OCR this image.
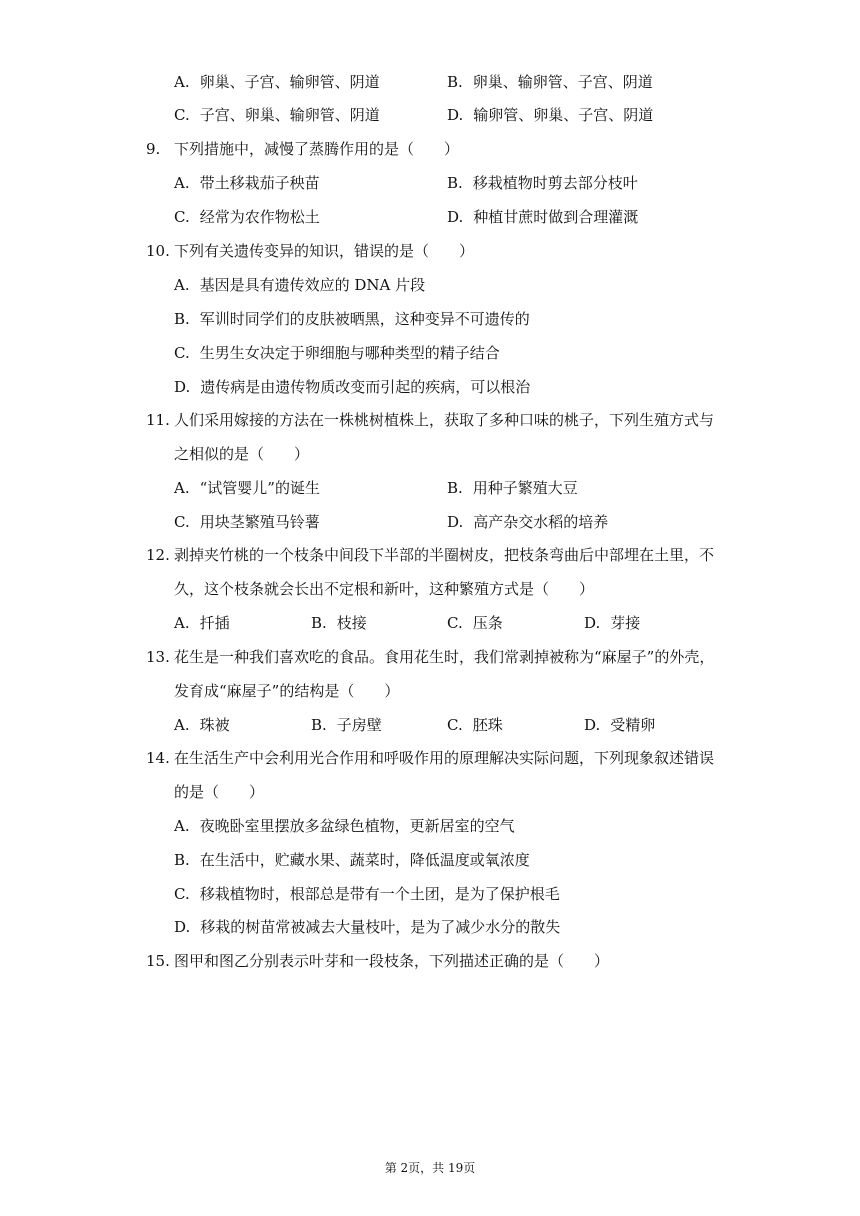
A. 卵巢、子宫、输卵管、阴道	B. 卵巢、输卵管、子宫、阴道
C. 子宫、卵巢、输卵管、阴道	D. 输卵管、卵巢、子宫、阴道
9. 下列措施中，减慢了蒸腾作用的是（　　）
A. 带土移栽茄子秧苗	B. 移栽植物时剪去部分枝叶
C. 经常为农作物松土	D. 种植甘蔗时做到合理灌溉
10. 下列有关遗传变异的知识，错误的是（　　）
A. 基因是具有遗传效应的 DNA 片段
B. 军训时同学们的皮肤被晒黑，这种变异不可遗传的
C. 生男生女决定于卵细胞与哪种类型的精子结合
D. 遗传病是由遗传物质改变而引起的疾病，可以根治
11. 人们采用嫁接的方法在一株桃树植株上，获取了多种口味的桃子，下列生殖方式与
之相似的是（　　）
A. “试管婴儿”的诞生	B. 用种子繁殖大豆
C. 用块茎繁殖马铃薯	D. 高产杂交水稻的培养
12. 剥掉夹竹桃的一个枝条中间段下半部的半圈树皮，把枝条弯曲后中部埋在土里，不
久，这个枝条就会长出不定根和新叶，这种繁殖方式是（　　）
A. 扦插	B. 枝接	C. 压条	D. 芽接
13. 花生是一种我们喜欢吃的食品。食用花生时，我们常剥掉被称为“麻屋子”的外壳，
发育成“麻屋子”的结构是（　　）
A. 珠被	B. 子房壁	C. 胚珠	D. 受精卵
14. 在生活生产中会利用光合作用和呼吸作用的原理解决实际问题，下列现象叙述错误
的是（　　）
A. 夜晚卧室里摆放多盆绿色植物，更新居室的空气
B. 在生活中，贮藏水果、蔬菜时，降低温度或氧浓度
C. 移栽植物时，根部总是带有一个土团，是为了保护根毛
D. 移栽的树苗常被减去大量枝叶，是为了减少水分的散失
15. 图甲和图乙分别表示叶芽和一段枝条，下列描述正确的是（　　）
第 2页，共 19页
